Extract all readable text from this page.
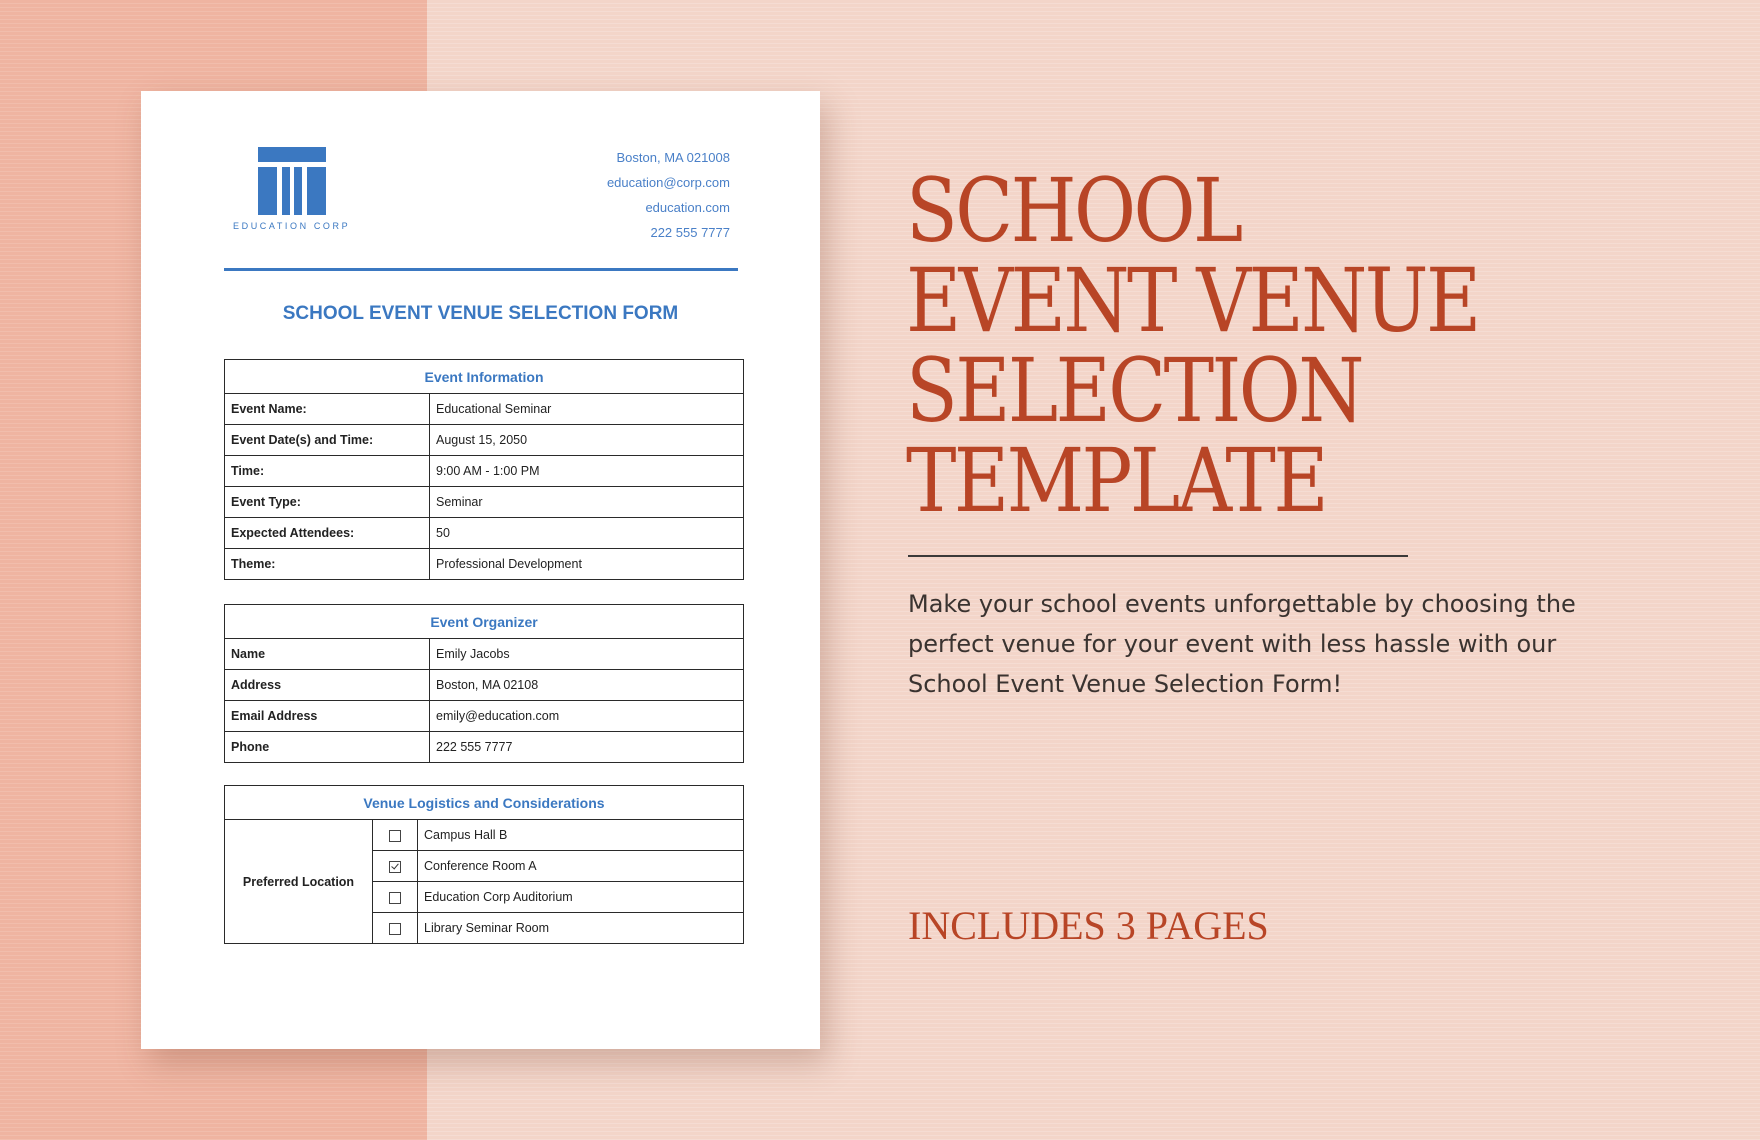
EDUCATION CORP
Boston, MA 021008
education@corp.com
education.com
222 555 7777
SCHOOL EVENT VENUE SELECTION FORM
Event Information	
Event Name:	Educational Seminar
Event Date(s) and Time:	August 15, 2050
Time:	9:00 AM - 1:00 PM
Event Type:	Seminar
Expected Attendees:	50
Theme:	Professional Development
Event Organizer	
Name	Emily Jacobs
Address	Boston, MA 02108
Email Address	emily@education.com
Phone	222 555 7777
Venue Logistics and Considerations		
Preferred Location		Campus Hall B
		Conference Room A
		Education Corp Auditorium
		Library Seminar Room
SCHOOL
EVENT VENUE
SELECTION
TEMPLATE
Make your school events unforgettable by choosing the perfect venue for your event with less hassle with our School Event Venue Selection Form!
INCLUDES 3 PAGES
